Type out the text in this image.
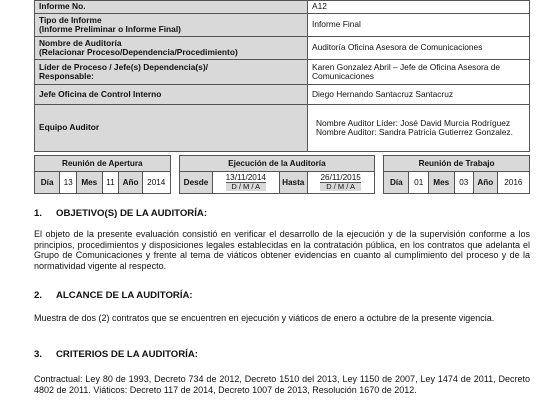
Informe No.	A12
Tipo de Informe
(Informe Preliminar o Informe Final)	Informe Final
Nombre de Auditoría
(Relacionar Proceso/Dependencia/Procedimiento)	Auditoría Oficina Asesora de Comunicaciones
Líder de Proceso / Jefe(s) Dependencia(s)/
Responsable:	Karen Gonzalez Abril – Jefe de Oficina Asesora de Comunicaciones
Jefe Oficina de Control Interno	Diego Hernando Santacruz Santacruz
Equipo Auditor	Nombre Auditor Líder: José David Murcia Rodríguez
Nombre Auditor: Sandra Patricia Gutierrez Gonzalez.
Reunión de Apertura							Ejecución de la Auditoría					Reunión de Trabajo					
Día	13	Mes	11	Año	2014		Desde	$\frac{13/11/2014}{D / M / A}$	Hasta	$\frac{26/11/2015}{D / M / A}$		Día	01	Mes	03	Año	2016
1. OBJETIVO(S) DE LA AUDITORÍA:

El objeto de la presente evaluación consistió en verificar el desarrollo de la ejecución y de la supervisión conforme a los principios, procedimientos y disposiciones legales establecidas en la contratación pública, en los contratos que adelanta el Grupo de Comunicaciones y frente al tema de viáticos obtener evidencias en cuanto al cumplimiento del proceso y de la normatividad vigente al respecto.

2. ALCANCE DE LA AUDITORÍA:

Muestra de dos (2) contratos que se encuentren en ejecución y viáticos de enero a octubre de la presente vigencia.

3. CRITERIOS DE LA AUDITORÍA:

Contractual: Ley 80 de 1993, Decreto 734 de 2012, Decreto 1510 del 2013, Ley 1150 de 2007, Ley 1474 de 2011, Decreto 4802 de 2011. Viáticos: Decreto 117 de 2014, Decreto 1007 de 2013, Resolución 1670 de 2012.
